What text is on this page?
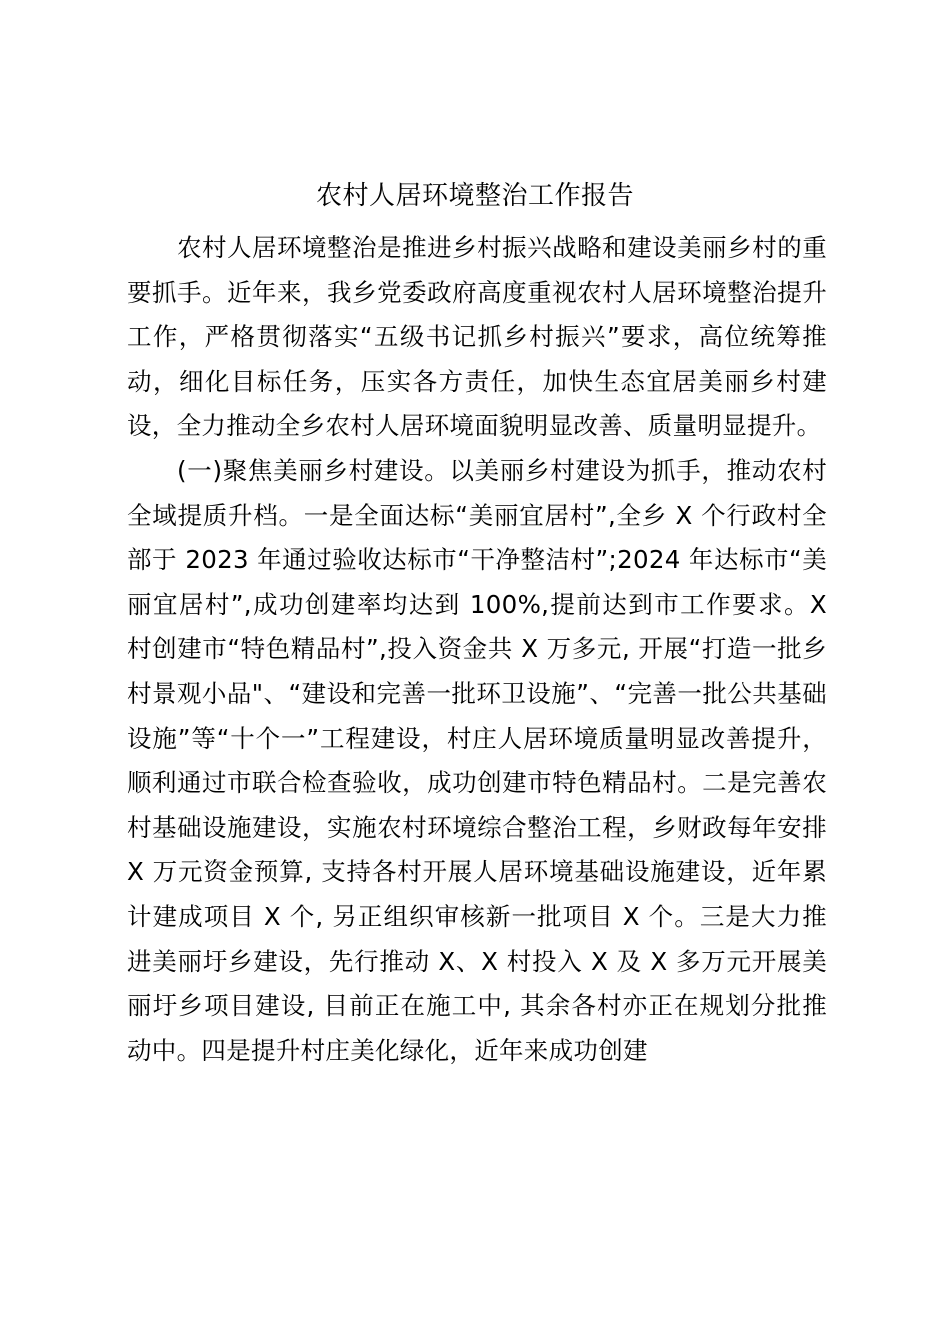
农村人居环境整治工作报告

农村人居环境整治是推进乡村振兴战略和建设美丽乡村的重要抓手。近年来，我乡党委政府高度重视农村人居环境整治提升工作，严格贯彻落实“五级书记抓乡村振兴”要求，高位统筹推动，细化目标任务，压实各方责任，加快生态宜居美丽乡村建设，全力推动全乡农村人居环境面貌明显改善、质量明显提升。

(一)聚焦美丽乡村建设。以美丽乡村建设为抓手，推动农村全域提质升档。一是全面达标“美丽宜居村”,全乡 X 个行政村全部于 2023 年通过验收达标市“干净整洁村”;2024 年达标市“美丽宜居村”,成功创建率均达到 100%,提前达到市工作要求。X 村创建市“特色精品村”,投入资金共 X 万多元, 开展“打造一批乡村景观小品"、“建设和完善一批环卫设施”、“完善一批公共基础设施”等“十个一”工程建设，村庄人居环境质量明显改善提升，顺利通过市联合检查验收，成功创建市特色精品村。二是完善农村基础设施建设，实施农村环境综合整治工程，乡财政每年安排 X 万元资金预算, 支持各村开展人居环境基础设施建设，近年累计建成项目 X 个, 另正组织审核新一批项目 X 个。三是大力推进美丽圩乡建设，先行推动 X、X 村投入 X 及 X 多万元开展美丽圩乡项目建设, 目前正在施工中, 其余各村亦正在规划分批推动中。四是提升村庄美化绿化，近年来成功创建
